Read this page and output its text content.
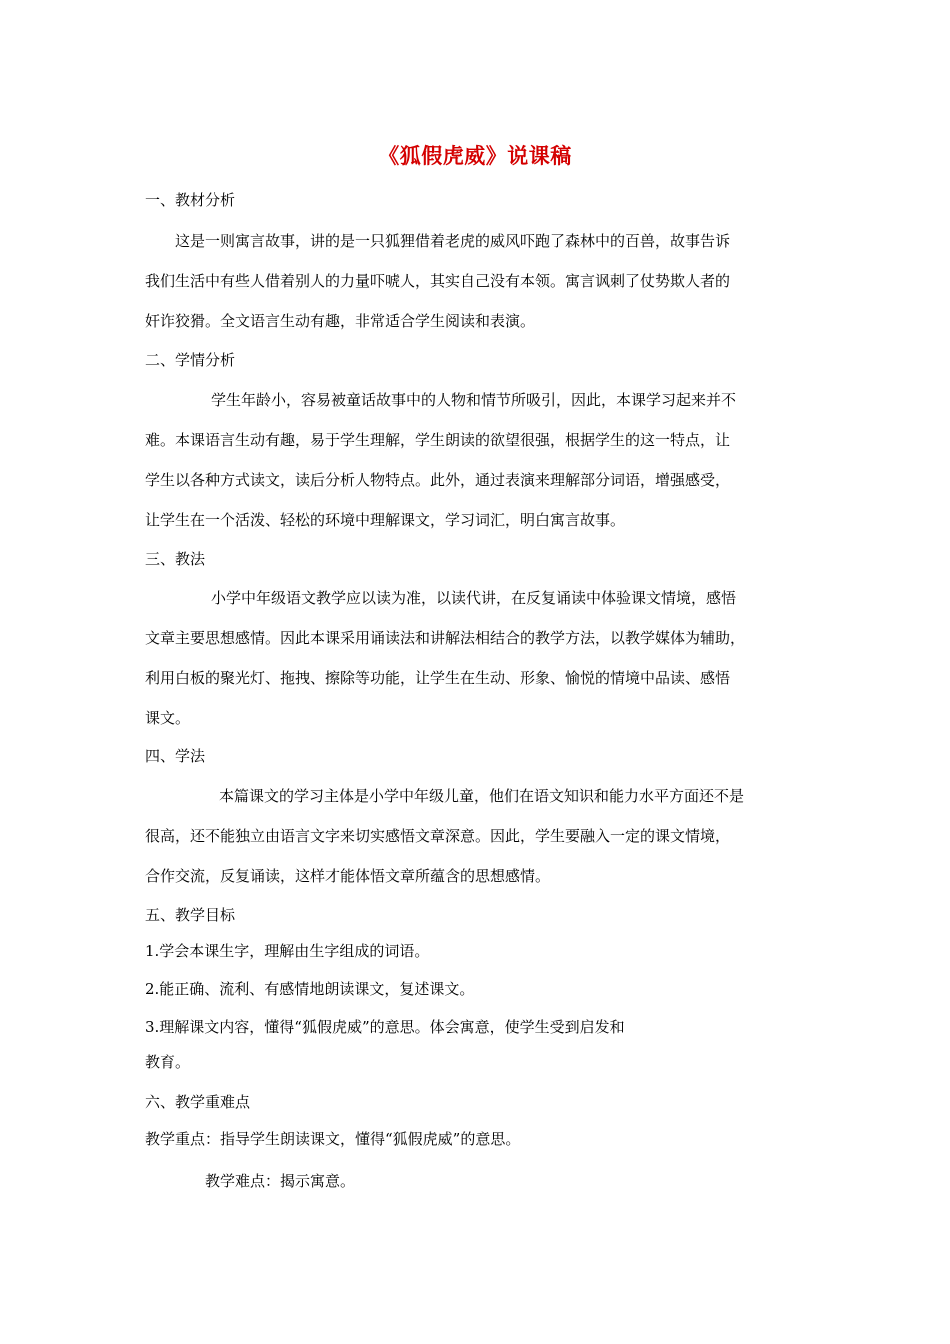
《狐假虎威》说课稿
一、教材分析
这是一则寓言故事，讲的是一只狐狸借着老虎的威风吓跑了森林中的百兽，故事告诉
我们生活中有些人借着别人的力量吓唬人，其实自己没有本领。寓言讽刺了仗势欺人者的
奸诈狡猾。全文语言生动有趣，非常适合学生阅读和表演。
二、学情分析
学生年龄小，容易被童话故事中的人物和情节所吸引，因此，本课学习起来并不
难。本课语言生动有趣，易于学生理解，学生朗读的欲望很强，根据学生的这一特点，让
学生以各种方式读文，读后分析人物特点。此外，通过表演来理解部分词语，增强感受，
让学生在一个活泼、轻松的环境中理解课文，学习词汇，明白寓言故事。
三、教法
小学中年级语文教学应以读为准，以读代讲，在反复诵读中体验课文情境，感悟
文章主要思想感情。因此本课采用诵读法和讲解法相结合的教学方法，以教学媒体为辅助，
利用白板的聚光灯、拖拽、擦除等功能，让学生在生动、形象、愉悦的情境中品读、感悟
课文。
四、学法
本篇课文的学习主体是小学中年级儿童，他们在语文知识和能力水平方面还不是
很高，还不能独立由语言文字来切实感悟文章深意。因此，学生要融入一定的课文情境，
合作交流，反复诵读，这样才能体悟文章所蕴含的思想感情。
五、教学目标
1.学会本课生字，理解由生字组成的词语。
2.能正确、流利、有感情地朗读课文，复述课文。
3.理解课文内容，懂得“狐假虎威”的意思。体会寓意，使学生受到启发和
教育。
六、教学重难点
教学重点：指导学生朗读课文，懂得“狐假虎威”的意思。
教学难点：揭示寓意。
